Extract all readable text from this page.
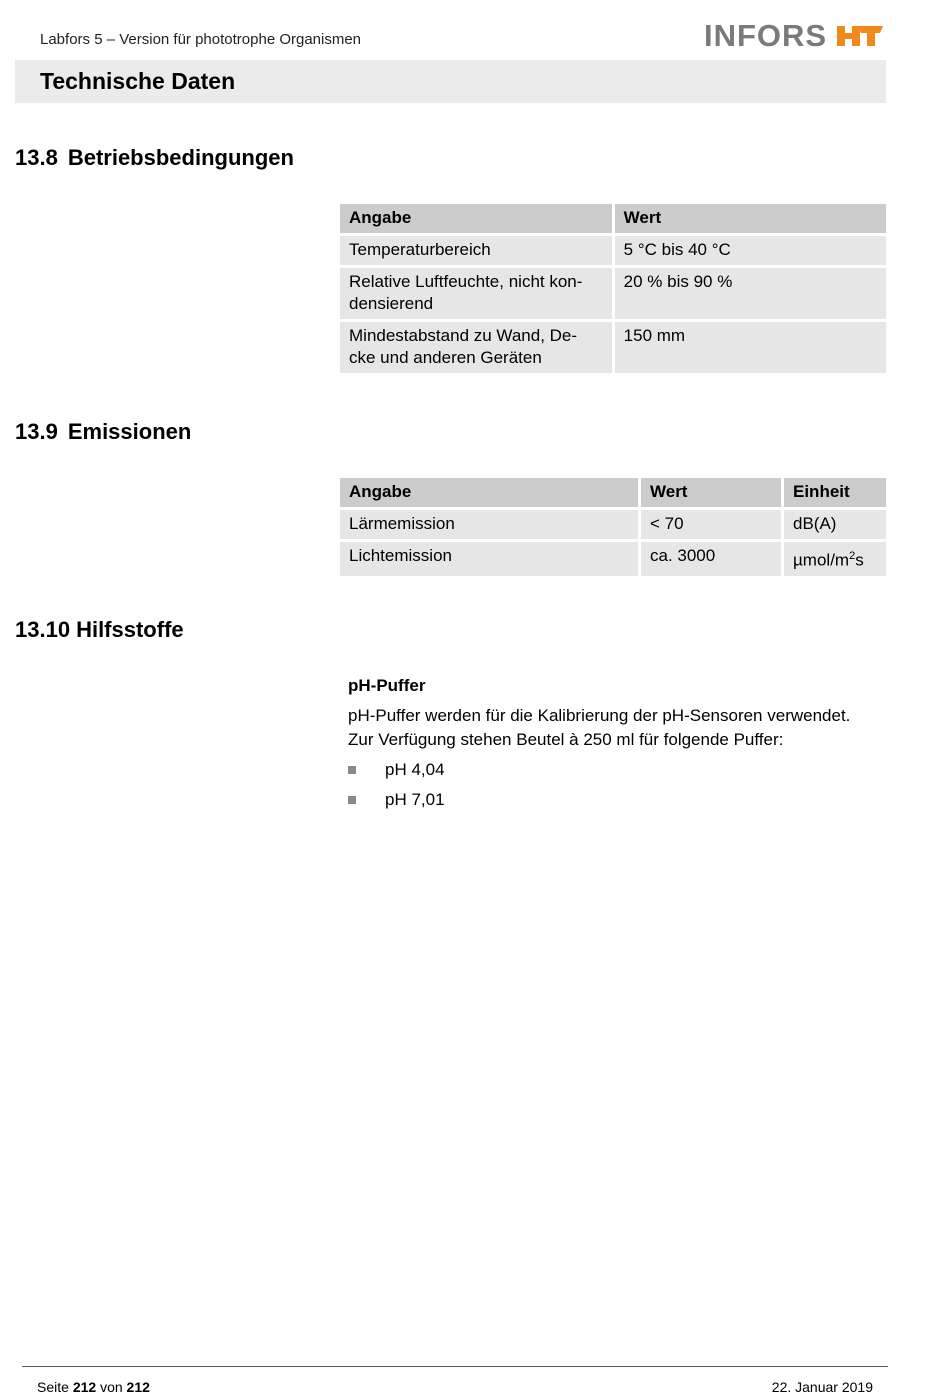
Labfors 5 – Version für phototrophe Organismen	INFORS
Technische Daten
13.8 Betriebsbedingungen
Angabe	Wert
Temperaturbereich	5 °C bis 40 °C
Relative Luftfeuchte, nicht kon-
densierend	20 % bis 90 %
Mindestabstand zu Wand, De-
cke und anderen Geräten	150 mm
13.9 Emissionen
Angabe	Wert	Einheit
Lärmemission	< 70	dB(A)
Lichtemission	ca. 3000	µmol/$m^2s$
13.10 Hilfsstoffe
pH-Puffer
pH-Puffer werden für die Kalibrierung der pH-Sensoren verwendet.
Zur Verfügung stehen Beutel à 250 ml für folgende Puffer:
pH 4,04
pH 7,01
Seite 212 von 212	22. Januar 2019
